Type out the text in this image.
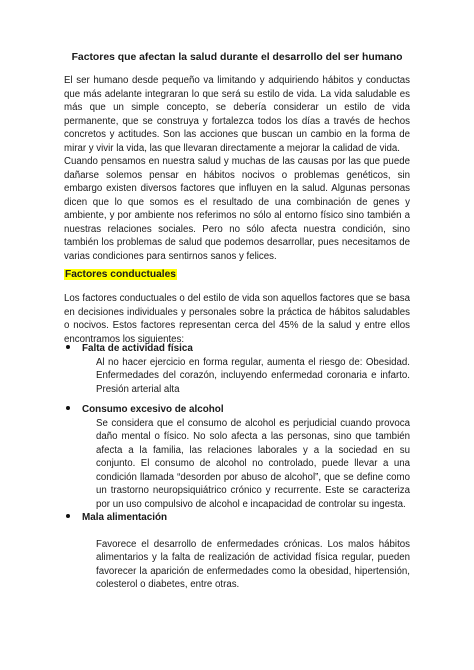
Factores que afectan la salud durante el desarrollo del ser humano

El ser humano desde pequeño va limitando y adquiriendo hábitos y conductas que más adelante integraran lo que será su estilo de vida. La vida saludable es más que un simple concepto, se debería considerar un estilo de vida permanente, que se construya y fortalezca todos los días a través de hechos concretos y actitudes. Son las acciones que buscan un cambio en la forma de mirar y vivir la vida, las que llevaran directamente a mejorar la calidad de vida.

Cuando pensamos en nuestra salud y muchas de las causas por las que puede dañarse solemos pensar en hábitos nocivos o problemas genéticos, sin embargo existen diversos factores que influyen en la salud. Algunas personas dicen que lo que somos es el resultado de una combinación de genes y ambiente, y por ambiente nos referimos no sólo al entorno físico sino también a nuestras relaciones sociales. Pero no sólo afecta nuestra condición, sino también los problemas de salud que podemos desarrollar, pues necesitamos de varias condiciones para sentirnos sanos y felices.

Factores conductuales

Los factores conductuales o del estilo de vida son aquellos factores que se basa en decisiones individuales y personales sobre la práctica de hábitos saludables o nocivos. Estos factores representan cerca del 45% de la salud y entre ellos encontramos los siguientes:

Falta de actividad física

Al no hacer ejercicio en forma regular, aumenta el riesgo de: Obesidad. Enfermedades del corazón, incluyendo enfermedad coronaria e infarto. Presión arterial alta

Consumo excesivo de alcohol

Se considera que el consumo de alcohol es perjudicial cuando provoca daño mental o físico. No solo afecta a las personas, sino que también afecta a la familia, las relaciones laborales y a la sociedad en su conjunto. El consumo de alcohol no controlado, puede llevar a una condición llamada “desorden por abuso de alcohol”, que se define como un trastorno neuropsiquiátrico crónico y recurrente. Este se caracteriza por un uso compulsivo de alcohol e incapacidad de controlar su ingesta.

Mala alimentación

Favorece el desarrollo de enfermedades crónicas. Los malos hábitos alimentarios y la falta de realización de actividad física regular, pueden favorecer la aparición de enfermedades como la obesidad, hipertensión, colesterol o diabetes, entre otras.
